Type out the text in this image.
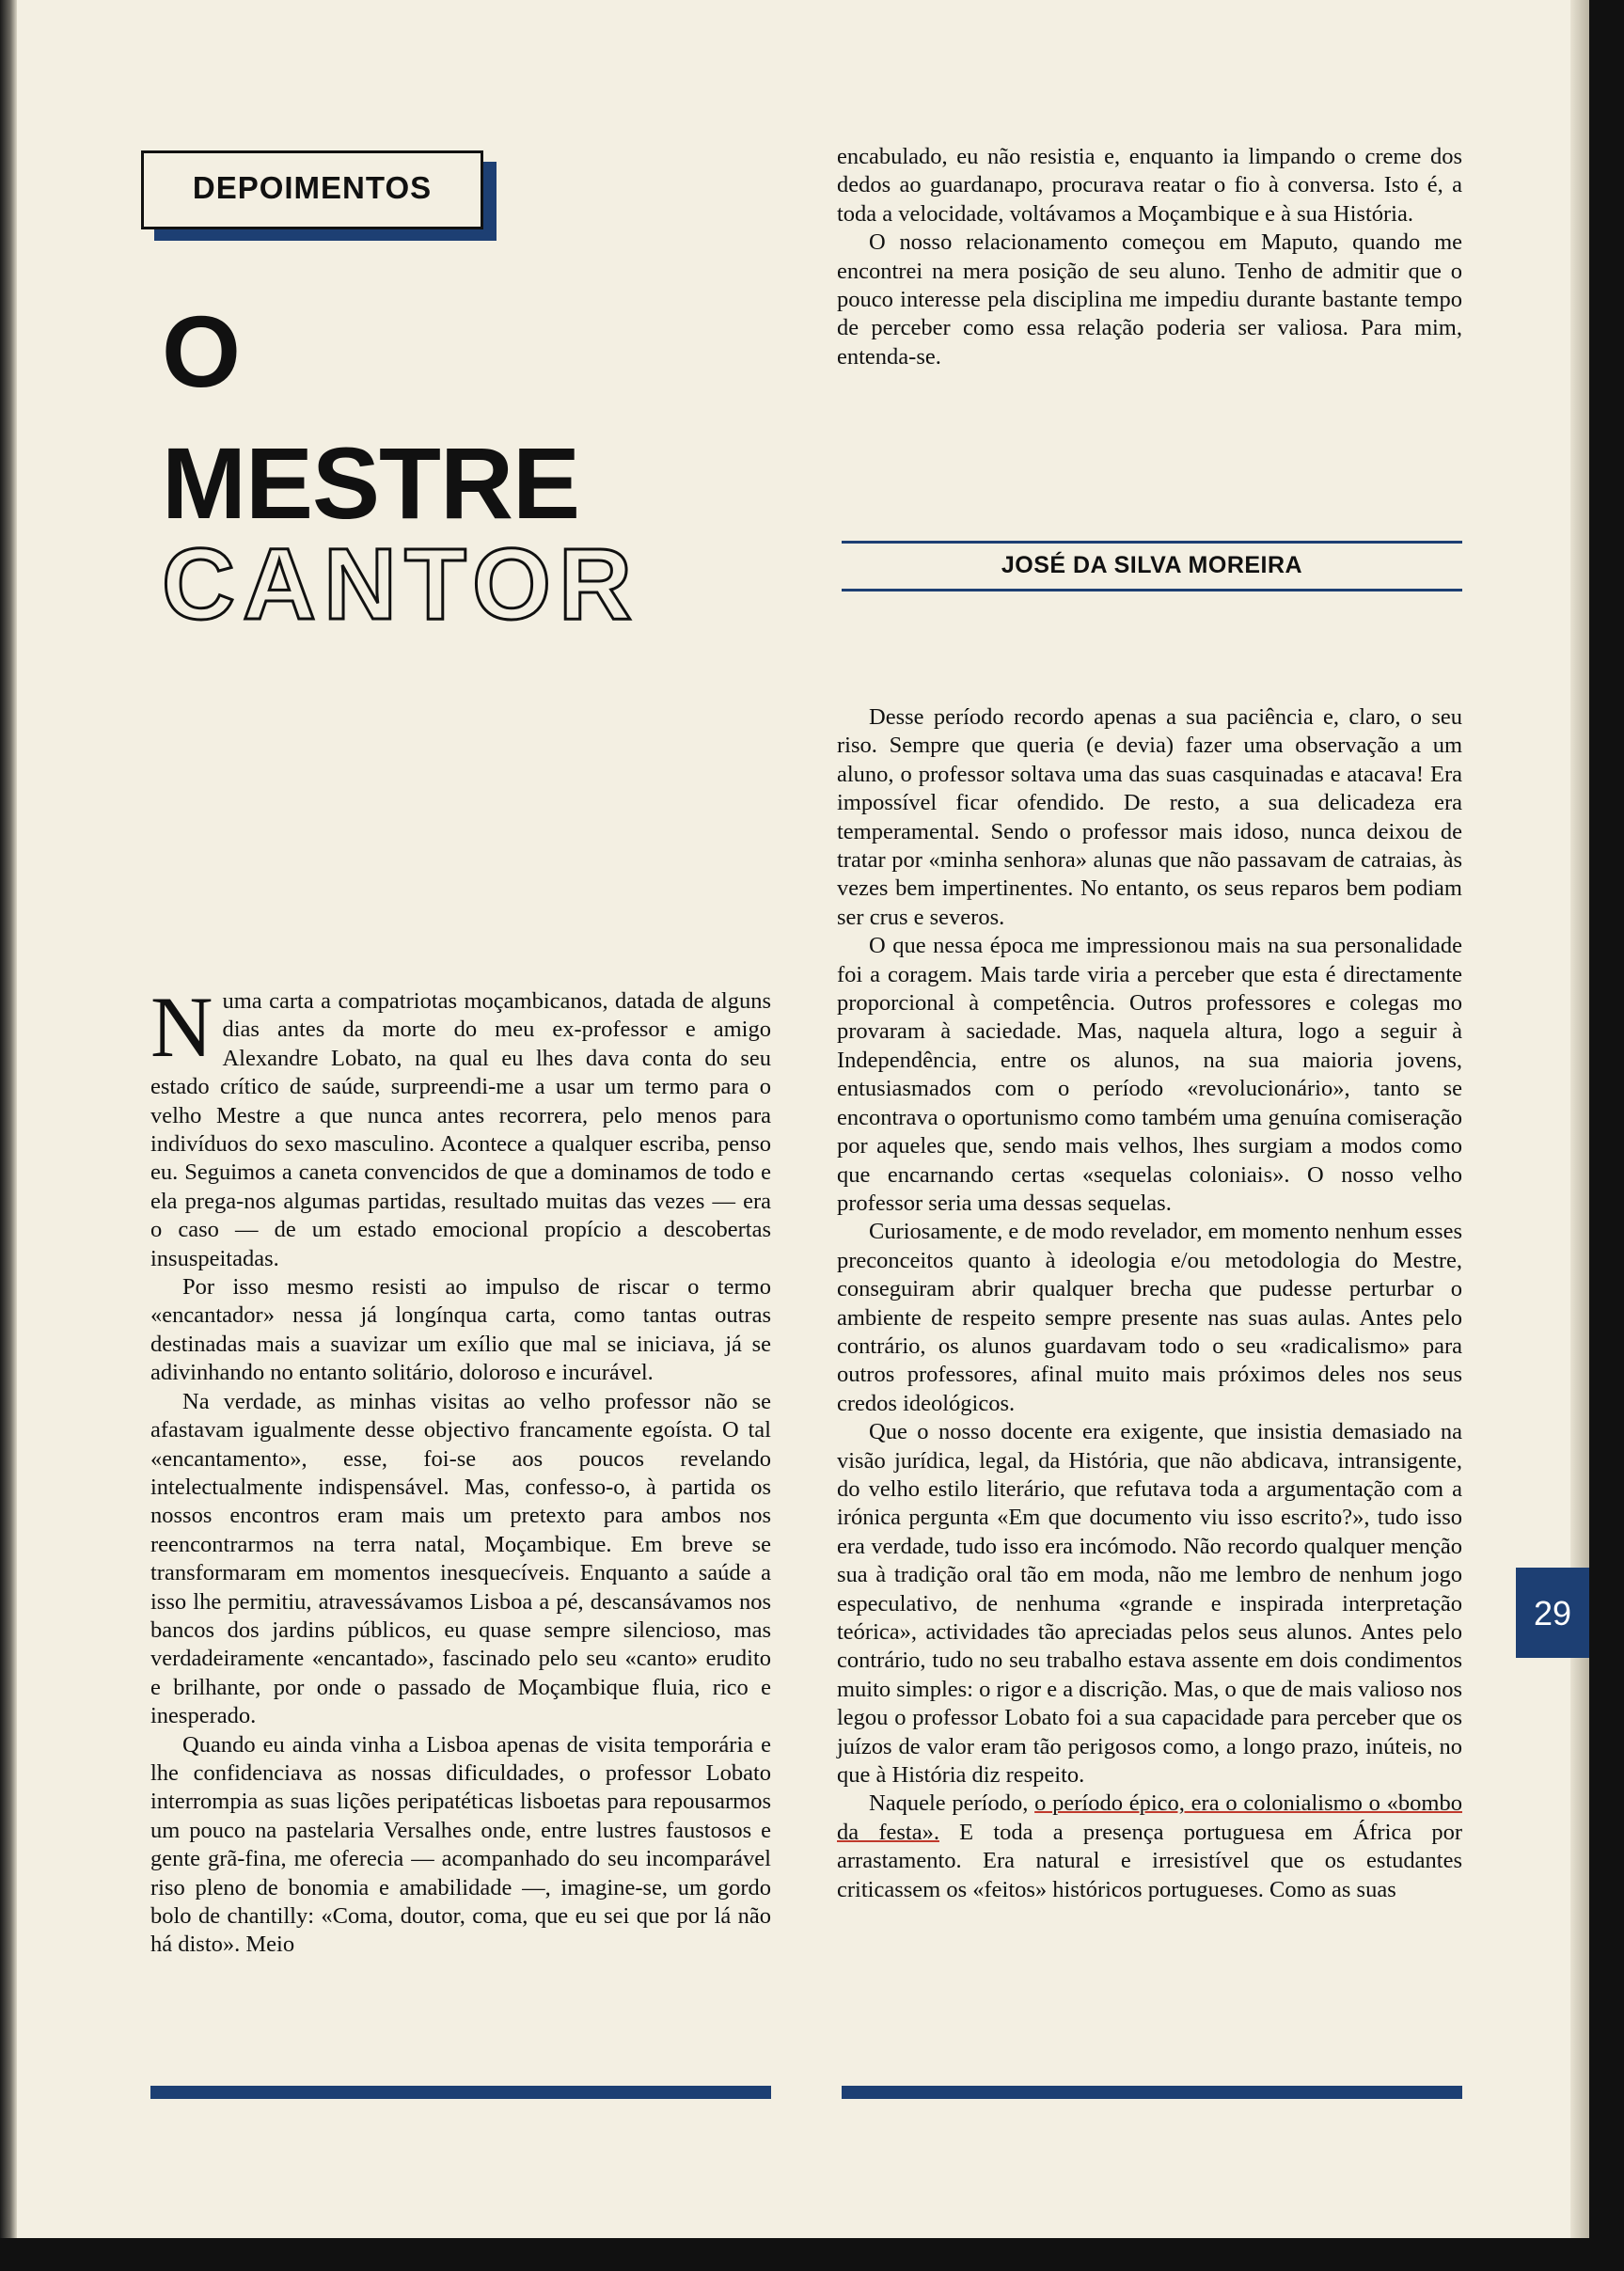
DEPOIMENTOS
O
MESTRE
CANTOR

encabulado, eu não resistia e, enquanto ia limpando o creme dos dedos ao guardanapo, procurava reatar o fio à conversa. Isto é, a toda a velocidade, voltávamos a Moçambique e à sua História.

O nosso relacionamento começou em Maputo, quando me encontrei na mera posição de seu aluno. Tenho de admitir que o pouco interesse pela disciplina me impediu durante bastante tempo de perceber como essa relação poderia ser valiosa. Para mim, entenda-se.

JOSÉ DA SILVA MOREIRA

Numa carta a compatriotas moçambicanos, datada de alguns dias antes da morte do meu ex-professor e amigo Alexandre Lobato, na qual eu lhes dava conta do seu estado crítico de saúde, surpreendi-me a usar um termo para o velho Mestre a que nunca antes recorrera, pelo menos para indivíduos do sexo masculino. Acontece a qualquer escriba, penso eu. Seguimos a caneta convencidos de que a dominamos de todo e ela prega-nos algumas partidas, resultado muitas das vezes — era o caso — de um estado emocional propício a descobertas insuspeitadas.

Por isso mesmo resisti ao impulso de riscar o termo «encantador» nessa já longínqua carta, como tantas outras destinadas mais a suavizar um exílio que mal se iniciava, já se adivinhando no entanto solitário, doloroso e incurável.

Na verdade, as minhas visitas ao velho professor não se afastavam igualmente desse objectivo francamente egoísta. O tal «encantamento», esse, foi-se aos poucos revelando intelectualmente indispensável. Mas, confesso-o, à partida os nossos encontros eram mais um pretexto para ambos nos reencontrarmos na terra natal, Moçambique. Em breve se transformaram em momentos inesquecíveis. Enquanto a saúde a isso lhe permitiu, atravessávamos Lisboa a pé, descansávamos nos bancos dos jardins públicos, eu quase sempre silencioso, mas verdadeiramente «encantado», fascinado pelo seu «canto» erudito e brilhante, por onde o passado de Moçambique fluia, rico e inesperado.

Quando eu ainda vinha a Lisboa apenas de visita temporária e lhe confidenciava as nossas dificuldades, o professor Lobato interrompia as suas lições peripatéticas lisboetas para repousarmos um pouco na pastelaria Versalhes onde, entre lustres faustosos e gente grã-fina, me oferecia — acompanhado do seu incomparável riso pleno de bonomia e amabilidade —, imagine-se, um gordo bolo de chantilly: «Coma, doutor, coma, que eu sei que por lá não há disto». Meio

Desse período recordo apenas a sua paciência e, claro, o seu riso. Sempre que queria (e devia) fazer uma observação a um aluno, o professor soltava uma das suas casquinadas e atacava! Era impossível ficar ofendido. De resto, a sua delicadeza era temperamental. Sendo o professor mais idoso, nunca deixou de tratar por «minha senhora» alunas que não passavam de catraias, às vezes bem impertinentes. No entanto, os seus reparos bem podiam ser crus e severos.

O que nessa época me impressionou mais na sua personalidade foi a coragem. Mais tarde viria a perceber que esta é directamente proporcional à competência. Outros professores e colegas mo provaram à saciedade. Mas, naquela altura, logo a seguir à Independência, entre os alunos, na sua maioria jovens, entusiasmados com o período «revolucionário», tanto se encontrava o oportunismo como também uma genuína comiseração por aqueles que, sendo mais velhos, lhes surgiam a modos como que encarnando certas «sequelas coloniais». O nosso velho professor seria uma dessas sequelas.

Curiosamente, e de modo revelador, em momento nenhum esses preconceitos quanto à ideologia e/ou metodologia do Mestre, conseguiram abrir qualquer brecha que pudesse perturbar o ambiente de respeito sempre presente nas suas aulas. Antes pelo contrário, os alunos guardavam todo o seu «radicalismo» para outros professores, afinal muito mais próximos deles nos seus credos ideológicos.

Que o nosso docente era exigente, que insistia demasiado na visão jurídica, legal, da História, que não abdicava, intransigente, do velho estilo literário, que refutava toda a argumentação com a irónica pergunta «Em que documento viu isso escrito?», tudo isso era verdade, tudo isso era incómodo. Não recordo qualquer menção sua à tradição oral tão em moda, não me lembro de nenhum jogo especulativo, de nenhuma «grande e inspirada interpretação teórica», actividades tão apreciadas pelos seus alunos. Antes pelo contrário, tudo no seu trabalho estava assente em dois condimentos muito simples: o rigor e a discrição. Mas, o que de mais valioso nos legou o professor Lobato foi a sua capacidade para perceber que os juízos de valor eram tão perigosos como, a longo prazo, inúteis, no que à História diz respeito.

Naquele período, o período épico, era o colonialismo o «bombo da festa». E toda a presença portuguesa em África por arrastamento. Era natural e irresistível que os estudantes criticassem os «feitos» históricos portugueses. Como as suas

29
